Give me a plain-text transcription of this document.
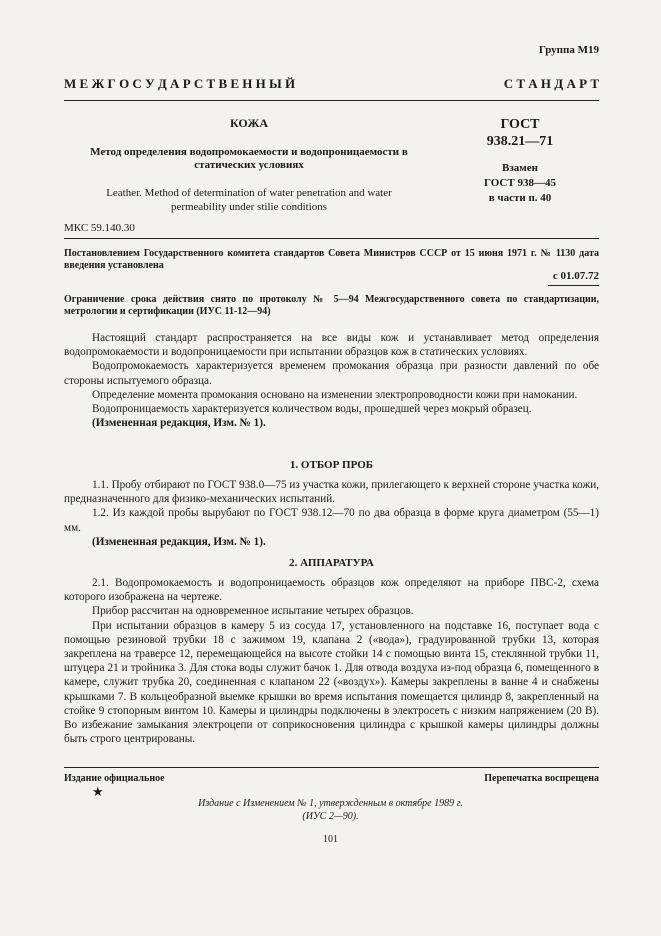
Группа М19
М Е Ж Г О С У Д А Р С Т В Е Н Н Ы Й	С Т А Н Д А Р Т
КОЖА
Метод определения водопромокаемости и водопроницаемости в статических условиях
Leather. Method of determination of water penetration and water permeability under stilie conditions
ГОСТ
938.21—71
Взамен
ГОСТ 938—45
в части п. 40
МКС 59.140.30
Постановлением Государственного комитета стандартов Совета Министров СССР от 15 июня 1971 г. № 1130 дата введения установлена
с 01.07.72
Ограничение срока действия снято по протоколу № 5—94 Межгосударственного совета по стандартизации, метрологии и сертификации (ИУС 11-12—94)

Настоящий стандарт распространяется на все виды кож и устанавливает метод определения водопромокаемости и водопроницаемости при испытании образцов кож в статических условиях.

Водопромокаемость характеризуется временем промокания образца при разности давлений по обе стороны испытуемого образца.

Определение момента промокания основано на изменении электропроводности кожи при намокании.

Водопроницаемость характеризуется количеством воды, прошедшей через мокрый образец.

(Измененная редакция, Изм. № 1).

1. ОТБОР ПРОБ

1.1. Пробу отбирают по ГОСТ 938.0—75 из участка кожи, прилегающего к верхней стороне участка кожи, предназначенного для физико-механических испытаний.

1.2. Из каждой пробы вырубают по ГОСТ 938.12—70 по два образца в форме круга диаметром (55—1) мм.

(Измененная редакция, Изм. № 1).

2. АППАРАТУРА

2.1. Водопромокаемость и водопроницаемость образцов кож определяют на приборе ПВС-2, схема которого изображена на чертеже.

Прибор рассчитан на одновременное испытание четырех образцов.

При испытании образцов в камеру 5 из сосуда 17, установленного на подставке 16, поступает вода с помощью резиновой трубки 18 с зажимом 19, клапана 2 («вода»), градуированной трубки 13, которая закреплена на траверсе 12, перемещающейся на высоте стойки 14 с помощью винта 15, стеклянной трубки 11, штуцера 21 и тройника 3. Для стока воды служит бачок 1. Для отвода воздуха из-под образца 6, помещенного в камере, служит трубка 20, соединенная с клапаном 22 («воздух»). Камеры закреплены в ванне 4 и снабжены крышками 7. В кольцеобразной выемке крышки во время испытания помещается цилиндр 8, закрепленный на стойке 9 стопорным винтом 10. Камеры и цилиндры подключены в электросеть с низким напряжением (20 В). Во избежание замыкания электроцепи от соприкосновения цилиндра с крышкой камеры цилиндры должны быть строго центрированы.

Издание официальное	Перепечатка воспрещена
★
Издание с Изменением № 1, утвержденным в октябре 1989 г.
(ИУС 2—90).
101
